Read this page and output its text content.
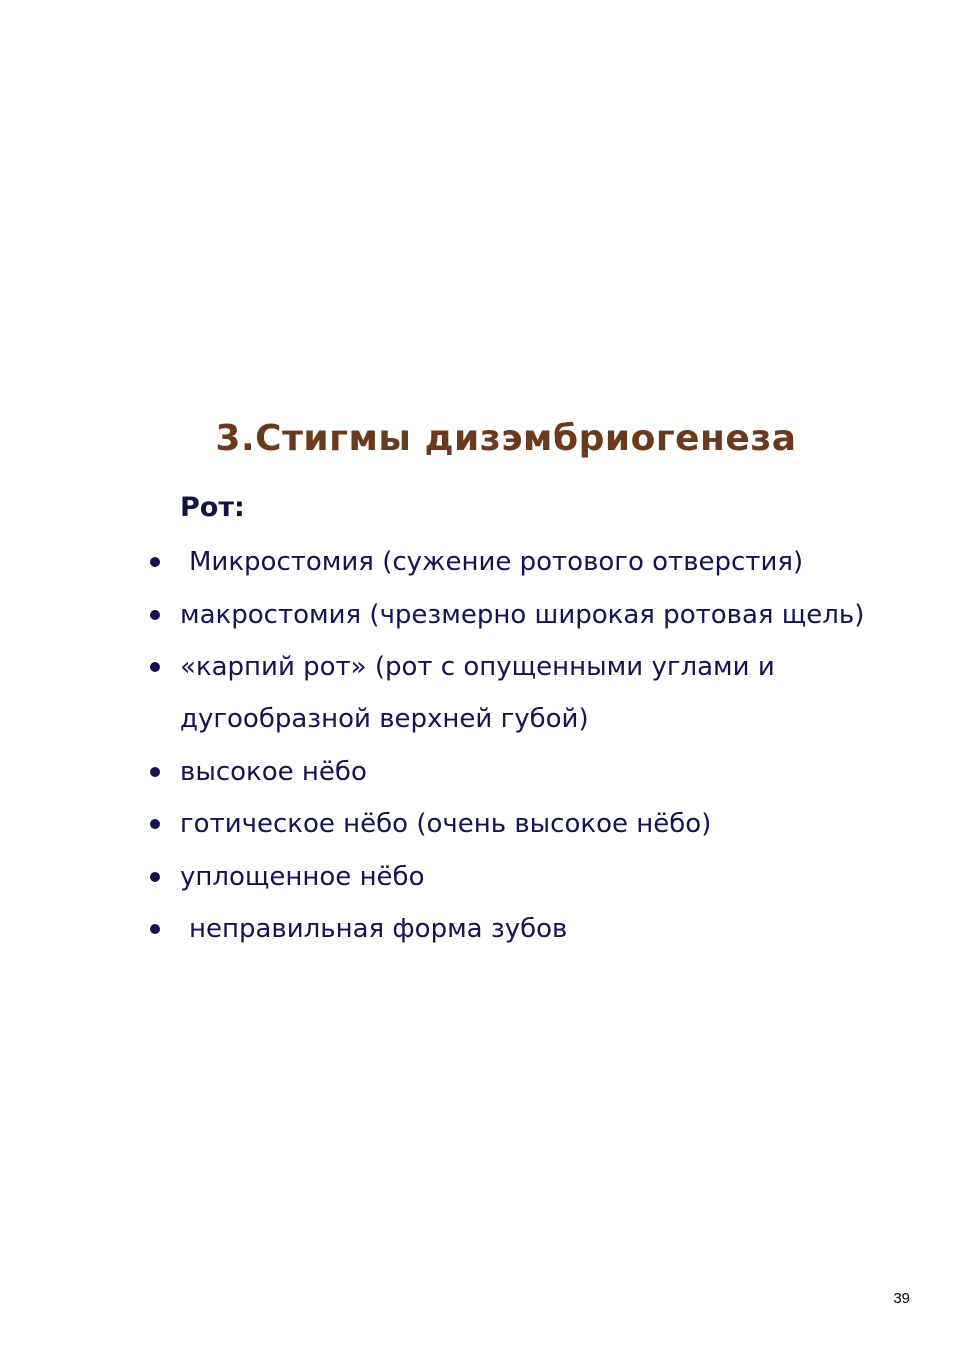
3.Стигмы дизэмбриогенеза
Рот:
Микростомия (сужение ротового отверстия)
макростомия (чрезмерно широкая ротовая щель)
«карпий рот» (рот с опущенными углами и
дугообразной верхней губой)
высокое нёбо
готическое нёбо (очень высокое нёбо)
уплощенное нёбо
неправильная форма зубов
39
